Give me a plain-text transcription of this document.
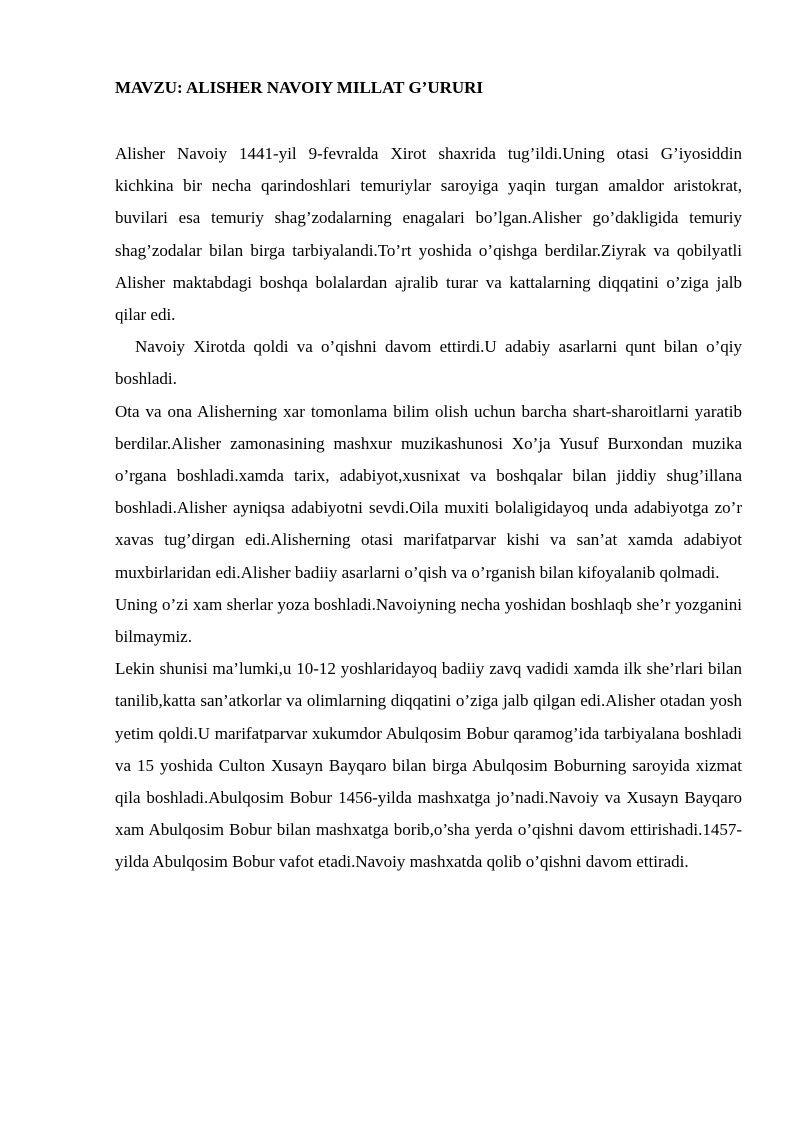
MAVZU: ALISHER NAVOIY MILLAT G’URURI

Alisher Navoiy 1441-yil 9-fevralda Xirot shaxrida tug’ildi.Uning otasi G’iyosiddin kichkina bir necha qarindoshlari temuriylar saroyiga yaqin turgan amaldor aristokrat, buvilari esa temuriy shag’zodalarning enagalari bo’lgan.Alisher go’dakligida temuriy shag’zodalar bilan birga tarbiyalandi.To’rt yoshida o’qishga berdilar.Ziyrak va qobilyatli Alisher maktabdagi boshqa bolalardan ajralib turar va kattalarning diqqatini o’ziga jalb qilar edi.

Navoiy Xirotda qoldi va o’qishni davom ettirdi.U adabiy asarlarni qunt bilan o’qiy boshladi.

Ota va ona Alisherning xar tomonlama bilim olish uchun barcha shart-sharoitlarni yaratib berdilar.Alisher zamonasining mashxur muzikashunosi Xo’ja Yusuf Burxondan muzika o’rgana boshladi.xamda tarix, adabiyot,xusnixat va boshqalar bilan jiddiy shug’illana boshladi.Alisher ayniqsa adabiyotni sevdi.Oila muxiti bolaligidayoq unda adabiyotga zo’r xavas tug’dirgan edi.Alisherning otasi marifatparvar kishi va san’at xamda adabiyot muxbirlaridan edi.Alisher badiiy asarlarni o’qish va o’rganish bilan kifoyalanib qolmadi.

Uning o’zi xam sherlar yoza boshladi.Navoiyning necha yoshidan boshlaqb she’r yozganini bilmaymiz.

Lekin shunisi ma’lumki,u 10-12 yoshlaridayoq badiiy zavq vadidi xamda ilk she’rlari bilan tanilib,katta san’atkorlar va olimlarning diqqatini o’ziga jalb qilgan edi.Alisher otadan yosh yetim qoldi.U marifatparvar xukumdor Abulqosim Bobur qaramog’ida tarbiyalana boshladi va 15 yoshida Culton Xusayn Bayqaro bilan birga Abulqosim Boburning saroyida xizmat qila boshladi.Abulqosim Bobur 1456-yilda mashxatga jo’nadi.Navoiy va Xusayn Bayqaro xam Abulqosim Bobur bilan mashxatga borib,o’sha yerda o’qishni davom ettirishadi.1457-yilda Abulqosim Bobur vafot etadi.Navoiy mashxatda qolib o’qishni davom ettiradi.
